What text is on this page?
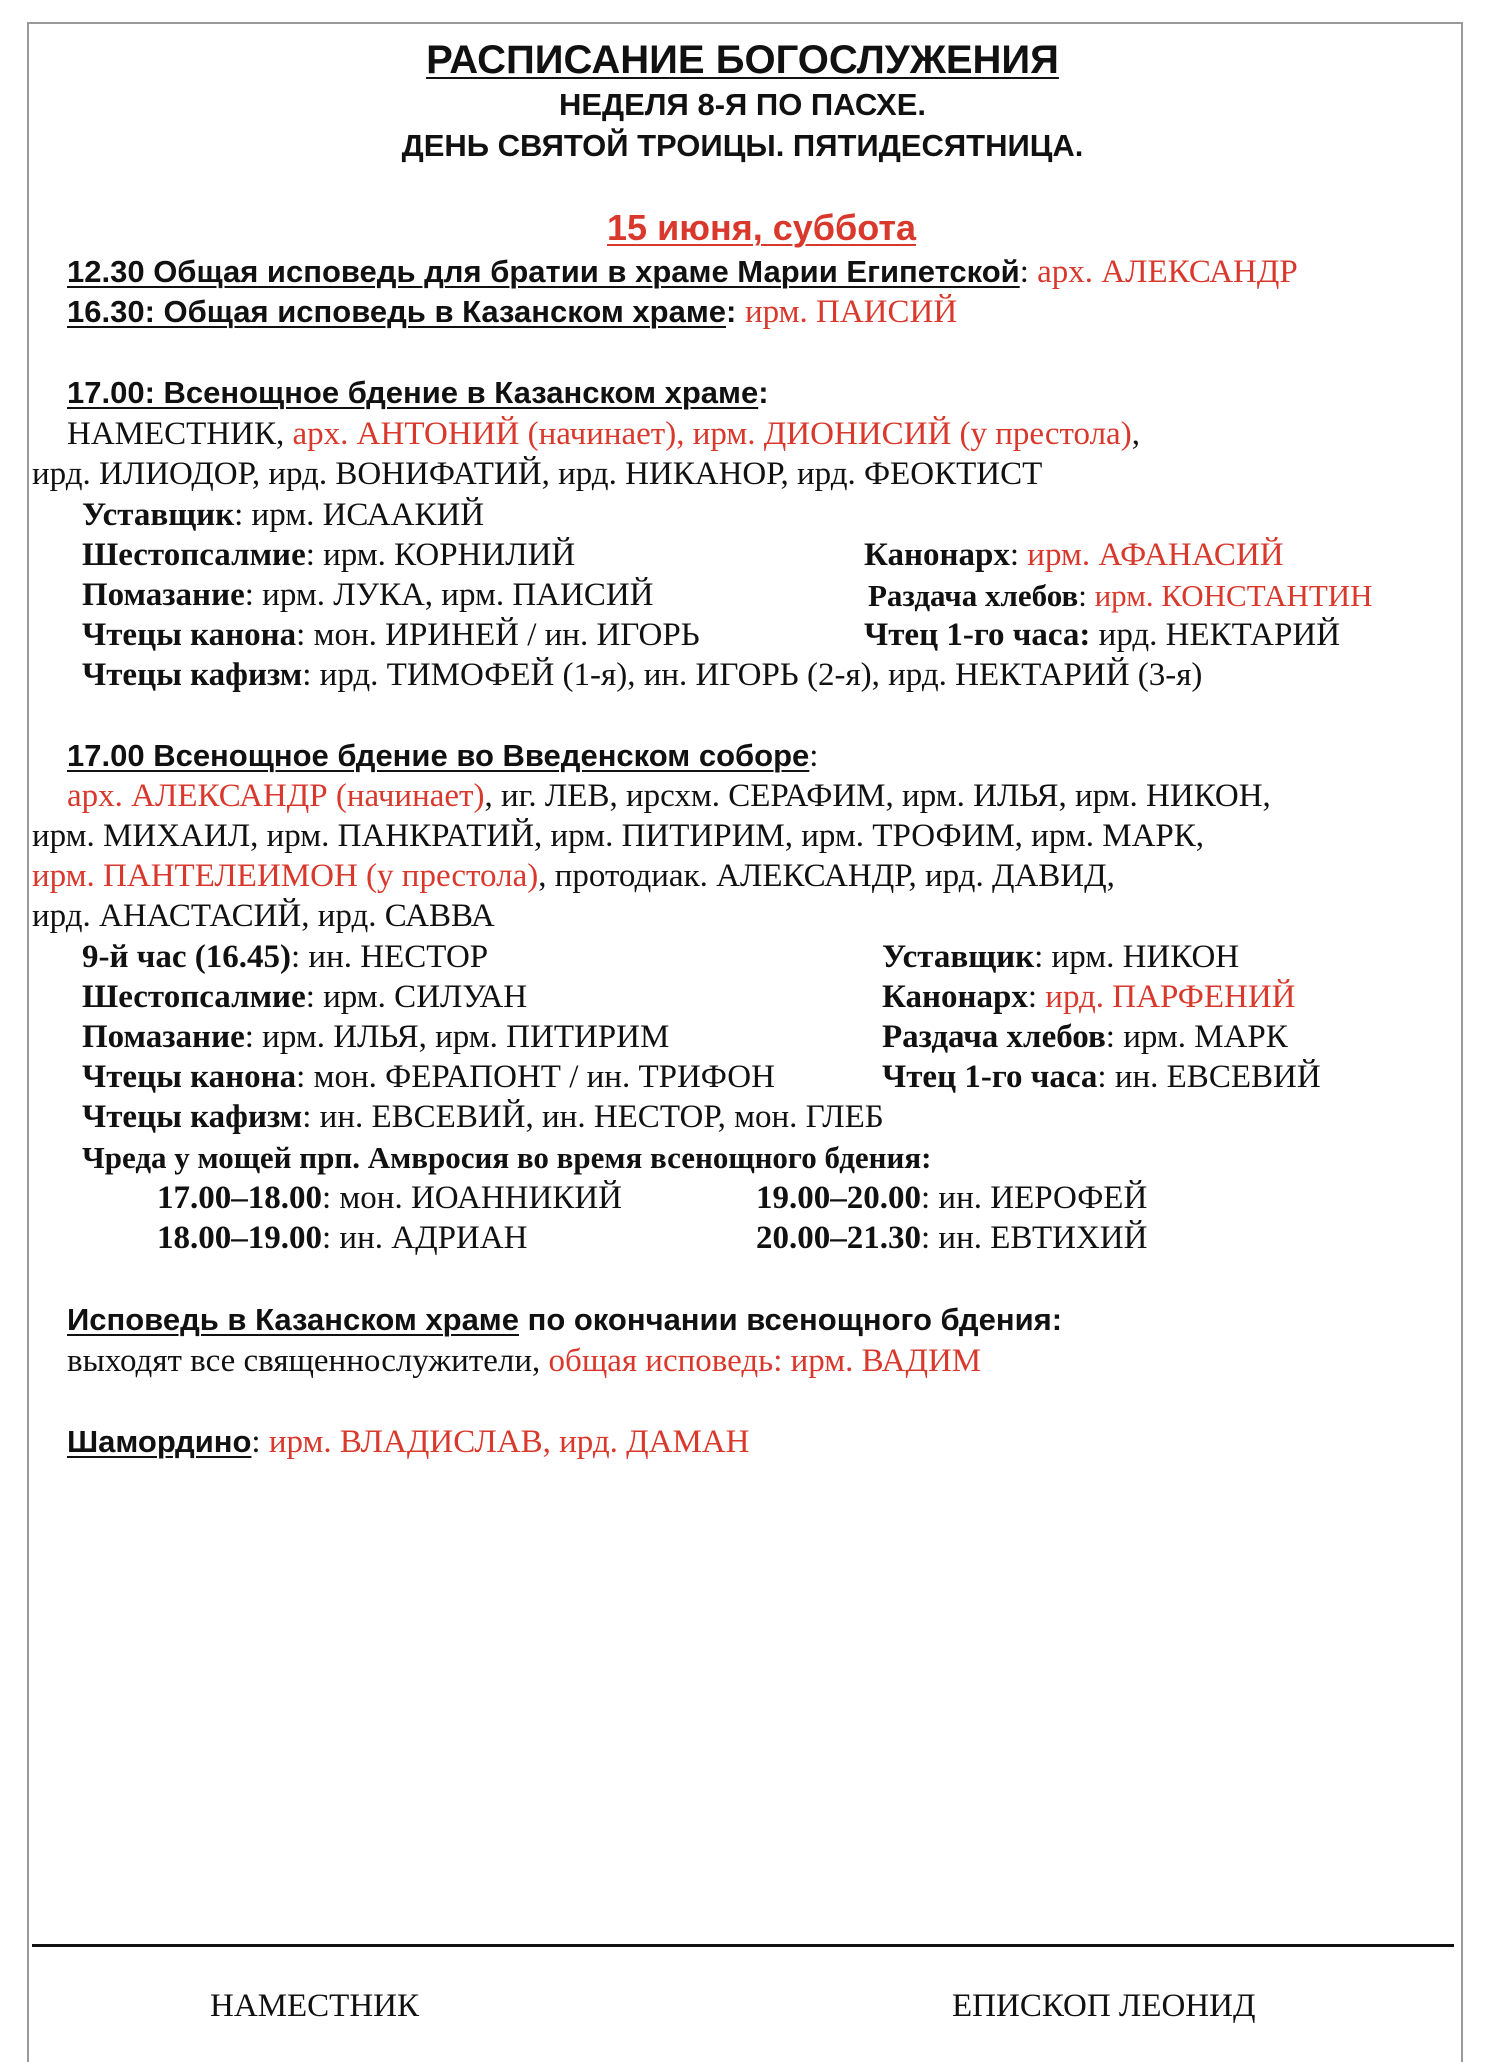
РАСПИСАНИЕ БОГОСЛУЖЕНИЯ
НЕДЕЛЯ 8-Я ПО ПАСХЕ.
ДЕНЬ СВЯТОЙ ТРОИЦЫ. ПЯТИДЕСЯТНИЦА.
15 июня, суббота
12.30 Общая исповедь для братии в храме Марии Египетской: арх. АЛЕКСАНДР
16.30: Общая исповедь в Казанском храме: ирм. ПАИСИЙ
17.00: Всенощное бдение в Казанском храме:
НАМЕСТНИК, арх. АНТОНИЙ (начинает), ирм. ДИОНИСИЙ (у престола),
ирд. ИЛИОДОР, ирд. ВОНИФАТИЙ, ирд. НИКАНОР, ирд. ФЕОКТИСТ
Уставщик: ирм. ИСААКИЙ
Шестопсалмие: ирм. КОРНИЛИЙ	Канонарх: ирм. АФАНАСИЙ
Помазание: ирм. ЛУКА, ирм. ПАИСИЙ	Раздача хлебов: ирм. КОНСТАНТИН
Чтецы канона: мон. ИРИНЕЙ / ин. ИГОРЬ	Чтец 1-го часа: ирд. НЕКТАРИЙ
Чтецы кафизм: ирд. ТИМОФЕЙ (1-я), ин. ИГОРЬ (2-я), ирд. НЕКТАРИЙ (3-я)
17.00 Всенощное бдение во Введенском соборе:
арх. АЛЕКСАНДР (начинает), иг. ЛЕВ, ирсхм. СЕРАФИМ, ирм. ИЛЬЯ, ирм. НИКОН,
ирм. МИХАИЛ, ирм. ПАНКРАТИЙ, ирм. ПИТИРИМ, ирм. ТРОФИМ, ирм. МАРК,
ирм. ПАНТЕЛЕИМОН (у престола), протодиак. АЛЕКСАНДР, ирд. ДАВИД,
ирд. АНАСТАСИЙ, ирд. САВВА
9-й час (16.45): ин. НЕСТОР	Уставщик: ирм. НИКОН
Шестопсалмие: ирм. СИЛУАН	Канонарх: ирд. ПАРФЕНИЙ
Помазание: ирм. ИЛЬЯ, ирм. ПИТИРИМ	Раздача хлебов: ирм. МАРК
Чтецы канона: мон. ФЕРАПОНТ / ин. ТРИФОН	Чтец 1-го часа: ин. ЕВСЕВИЙ
Чтецы кафизм: ин. ЕВСЕВИЙ, ин. НЕСТОР, мон. ГЛЕБ
Чреда у мощей прп. Амвросия во время всенощного бдения:
17.00–18.00: мон. ИОАННИКИЙ	19.00–20.00: ин. ИЕРОФЕЙ
18.00–19.00: ин. АДРИАН	20.00–21.30: ин. ЕВТИХИЙ
Исповедь в Казанском храме по окончании всенощного бдения:
выходят все священнослужители, общая исповедь: ирм. ВАДИМ
Шамордино: ирм. ВЛАДИСЛАВ, ирд. ДАМАН
НАМЕСТНИК	ЕПИСКОП ЛЕОНИД
